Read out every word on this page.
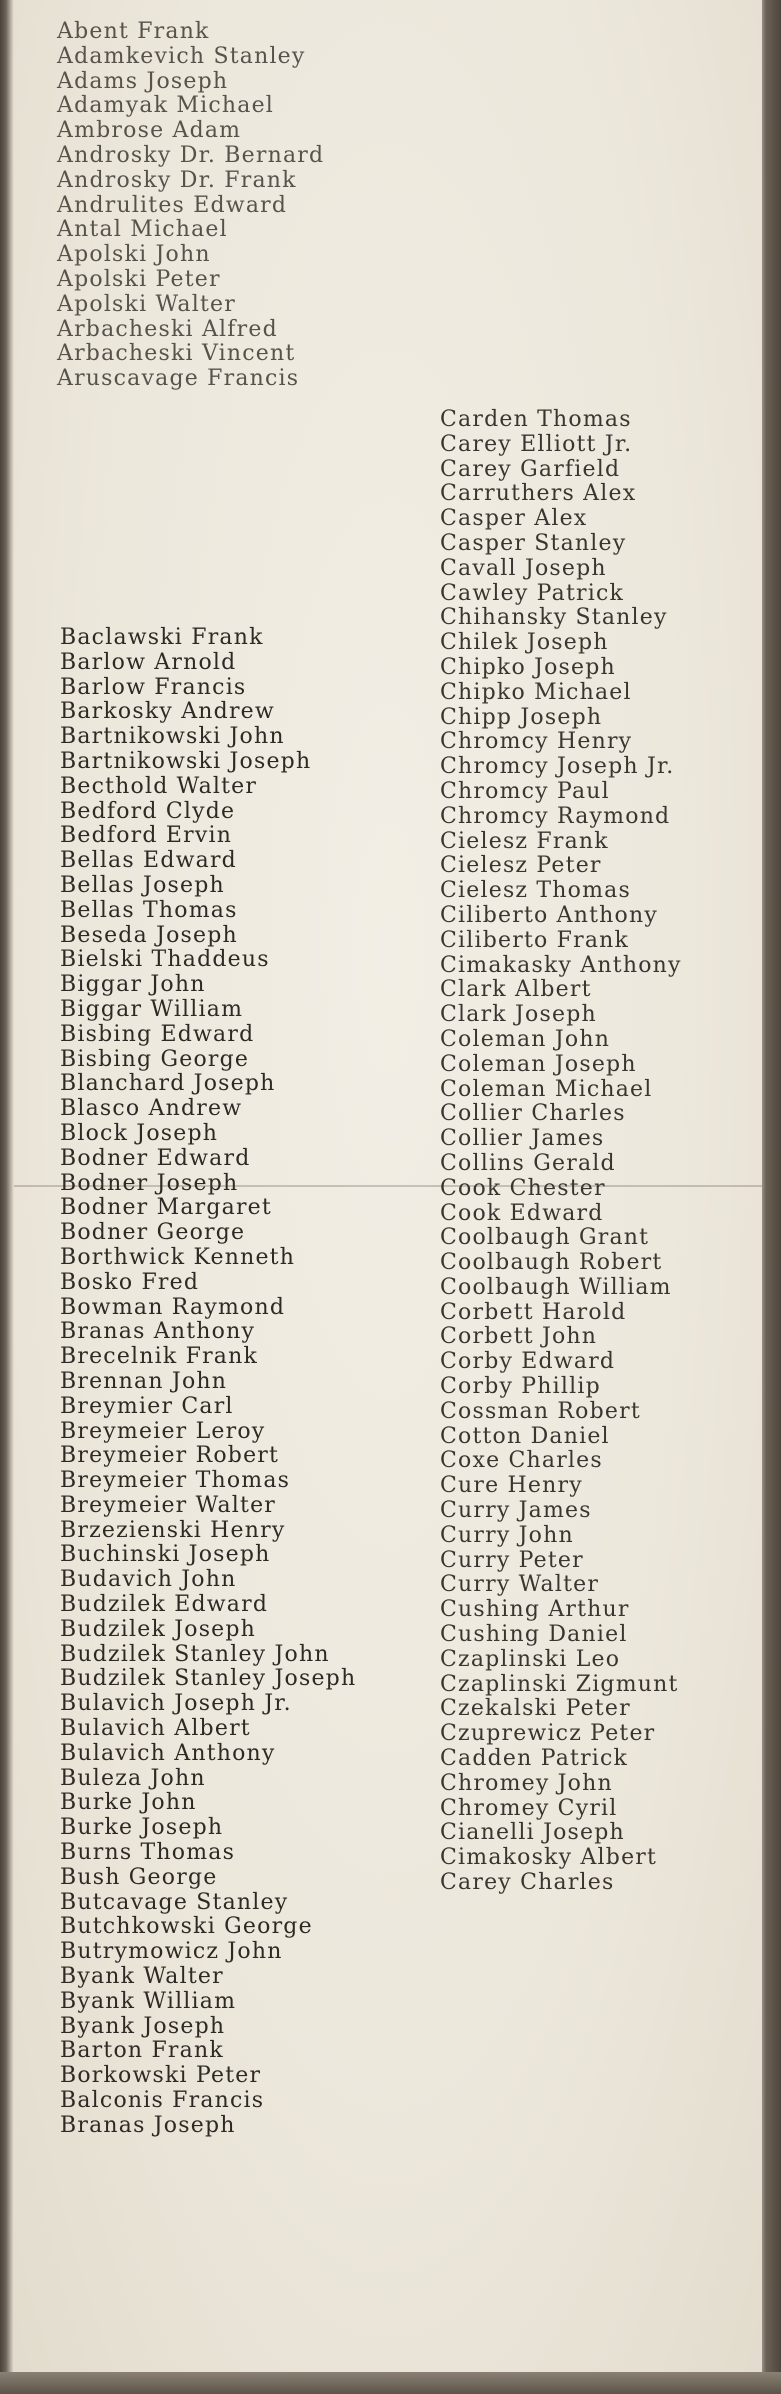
Abent Frank
Adamkevich Stanley
Adams Joseph
Adamyak Michael
Ambrose Adam
Androsky Dr. Bernard
Androsky Dr. Frank
Andrulites Edward
Antal Michael
Apolski John
Apolski Peter
Apolski Walter
Arbacheski Alfred
Arbacheski Vincent
Aruscavage Francis
Baclawski Frank
Barlow Arnold
Barlow Francis
Barkosky Andrew
Bartnikowski John
Bartnikowski Joseph
Becthold Walter
Bedford Clyde
Bedford Ervin
Bellas Edward
Bellas Joseph
Bellas Thomas
Beseda Joseph
Bielski Thaddeus
Biggar John
Biggar William
Bisbing Edward
Bisbing George
Blanchard Joseph
Blasco Andrew
Block Joseph
Bodner Edward
Bodner Joseph
Bodner Margaret
Bodner George
Borthwick Kenneth
Bosko Fred
Bowman Raymond
Branas Anthony
Brecelnik Frank
Brennan John
Breymier Carl
Breymeier Leroy
Breymeier Robert
Breymeier Thomas
Breymeier Walter
Brzezienski Henry
Buchinski Joseph
Budavich John
Budzilek Edward
Budzilek Joseph
Budzilek Stanley John
Budzilek Stanley Joseph
Bulavich Joseph Jr.
Bulavich Albert
Bulavich Anthony
Buleza John
Burke John
Burke Joseph
Burns Thomas
Bush George
Butcavage Stanley
Butchkowski George
Butrymowicz John
Byank Walter
Byank William
Byank Joseph
Barton Frank
Borkowski Peter
Balconis Francis
Branas Joseph
Carden Thomas
Carey Elliott Jr.
Carey Garfield
Carruthers Alex
Casper Alex
Casper Stanley
Cavall Joseph
Cawley Patrick
Chihansky Stanley
Chilek Joseph
Chipko Joseph
Chipko Michael
Chipp Joseph
Chromcy Henry
Chromcy Joseph Jr.
Chromcy Paul
Chromcy Raymond
Cielesz Frank
Cielesz Peter
Cielesz Thomas
Ciliberto Anthony
Ciliberto Frank
Cimakasky Anthony
Clark Albert
Clark Joseph
Coleman John
Coleman Joseph
Coleman Michael
Collier Charles
Collier James
Collins Gerald
Cook Chester
Cook Edward
Coolbaugh Grant
Coolbaugh Robert
Coolbaugh William
Corbett Harold
Corbett John
Corby Edward
Corby Phillip
Cossman Robert
Cotton Daniel
Coxe Charles
Cure Henry
Curry James
Curry John
Curry Peter
Curry Walter
Cushing Arthur
Cushing Daniel
Czaplinski Leo
Czaplinski Zigmunt
Czekalski Peter
Czuprewicz Peter
Cadden Patrick
Chromey John
Chromey Cyril
Cianelli Joseph
Cimakosky Albert
Carey Charles
